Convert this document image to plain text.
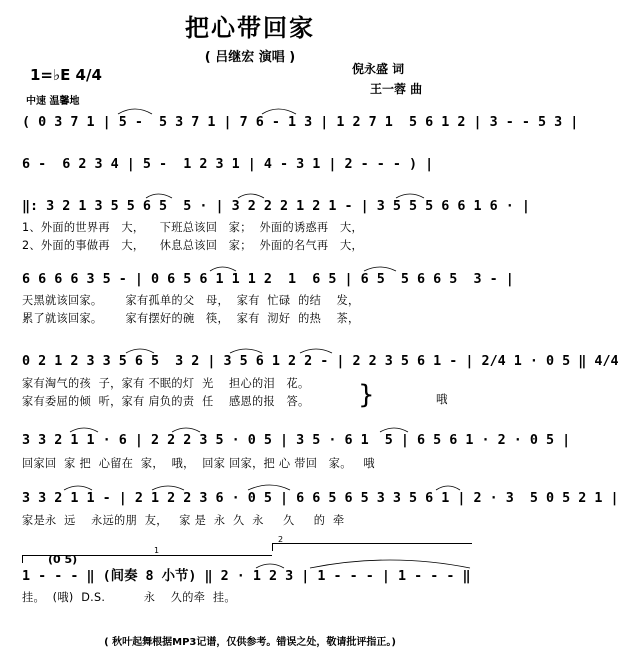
把心带回家
( 吕继宏 演唱 )
1=♭E 4/4
中速 温馨地
倪永盛 词
王一蓉 曲
( 0 3 7 1 | 5 -  5 3 7 1 | 7 6 - 1 3 | 1 2 7 1  5 6 1 2 | 3 - - 5 3 |
6 -  6 2 3 4 | 5 -  1 2 3 1 | 4 - 3 1 | 2 - - - ) |
‖: 3 2 1 3 5 5 6 5  5 · | 3 2 2 2 1 2 1 - | 3 5 5 5 6 6 1 6 · |
1、外面的世界再   大，    下班总该回   家；  外面的诱惑再   大，
2、外面的事做再   大，    休息总该回   家；  外面的名气再   大，
6 6 6 6 3 5 - | 0 6 5 6 1 1 1 2  1  6 5 | 6 5  5 6 6 5  3 - |
天黑就该回家。      家有孤单的父   母，  家有  忙碌  的结    发，
累了就该回家。      家有摆好的碗   筷，  家有  沏好  的热    茶，
0 2 1 2 3 3 5 6 5  3 2 | 3 5 6 1 2 2 - | 2 2 3 5 6 1 - | 2/4 1 · 0 5 ‖ 4/4
家有淘气的孩  子，家有 不眠的灯  光    担心的泪   花。
家有委屈的倾  听，家有 肩负的责  任    感恩的报   答。	}	哦
3 3 2 1 1 · 6 | 2 2 2 3 5 · 0 5 | 3 5 · 6 1  5 | 6 5 6 1 · 2 · 0 5 |
回家回  家 把  心留在  家，  哦，  回家 回家，把 心 带回   家。   哦
3 3 2 1 1 - | 2 1 2 2 3 6 · 0 5 | 6 6 5 6 5 3 3 5 6 1 | 2 · 3  5 0 5 2 1 |
家是永  远    永远的朋  友，   家 是  永  久  永     久     的  牵
1
2
(0 5)
1 - - - ‖ (间奏 8 小节) ‖ 2 · 1 2 3 | 1 - - - | 1 - - - ‖
挂。  (哦)  D.S.          永    久的牵  挂。
( 秋叶起舞根据MP3记谱，仅供参考。错误之处，敬请批评指正。)
